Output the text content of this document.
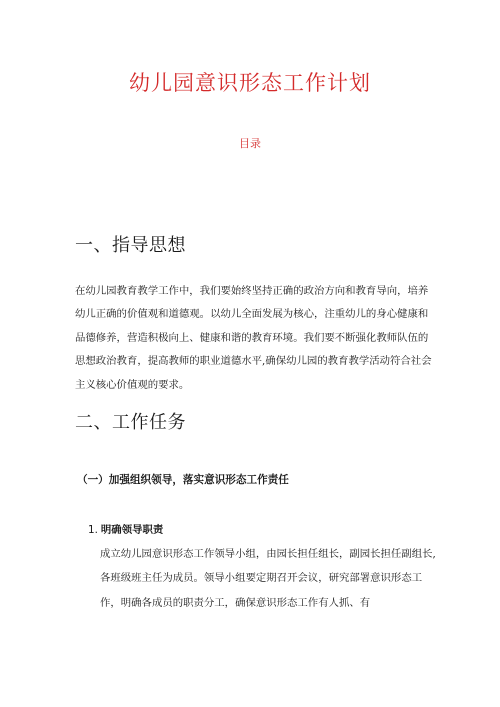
幼儿园意识形态工作计划
目录
一、指导思想

在幼儿园教育教学工作中，我们要始终坚持正确的政治方向和教育导向，培养幼儿正确的价值观和道德观。以幼儿全面发展为核心，注重幼儿的身心健康和品德修养，营造积极向上、健康和谐的教育环境。我们要不断强化教师队伍的思想政治教育，提高教师的职业道德水平,确保幼儿园的教育教学活动符合社会主义核心价值观的要求。

二、工作任务
（一）加强组织领导，落实意识形态工作责任
1. 明确领导职责

成立幼儿园意识形态工作领导小组，由园长担任组长，副园长担任副组长,各班级班主任为成员。领导小组要定期召开会议，研究部署意识形态工作，明确各成员的职责分工，确保意识形态工作有人抓、有
